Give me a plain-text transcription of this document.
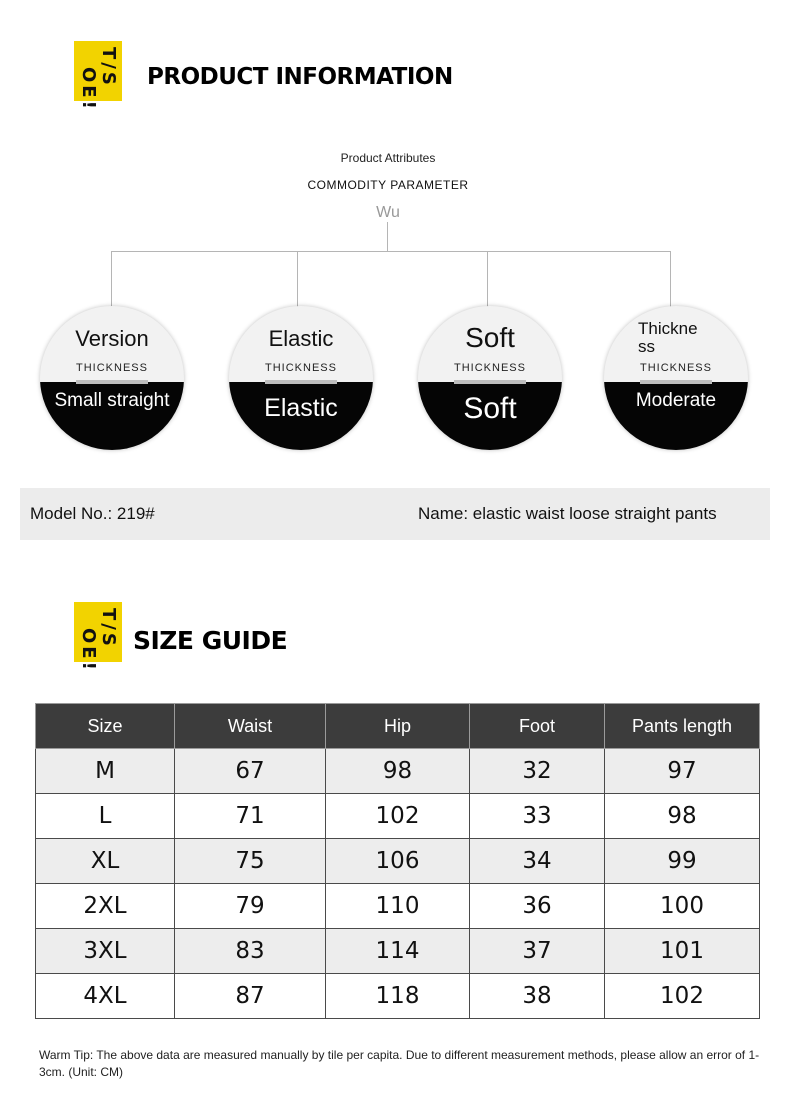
T/S
OE! PRODUCT INFORMATION
Product Attributes
COMMODITY PARAMETER
Wu
Version
THICKNESS
Small straight
Elastic
THICKNESS
Elastic
Soft
THICKNESS
Soft
Thickne
ss
THICKNESS
Moderate
Model No.: 219#	Name: elastic waist loose straight pants
T/S
OE! SIZE GUIDE
Size	Waist	Hip	Foot	Pants length
M	67	98	32	97
L	71	102	33	98
XL	75	106	34	99
2XL	79	110	36	100
3XL	83	114	37	101
4XL	87	118	38	102
Warm Tip: The above data are measured manually by tile per capita. Due to different measurement methods, please allow an error of 1-3cm. (Unit: CM)
